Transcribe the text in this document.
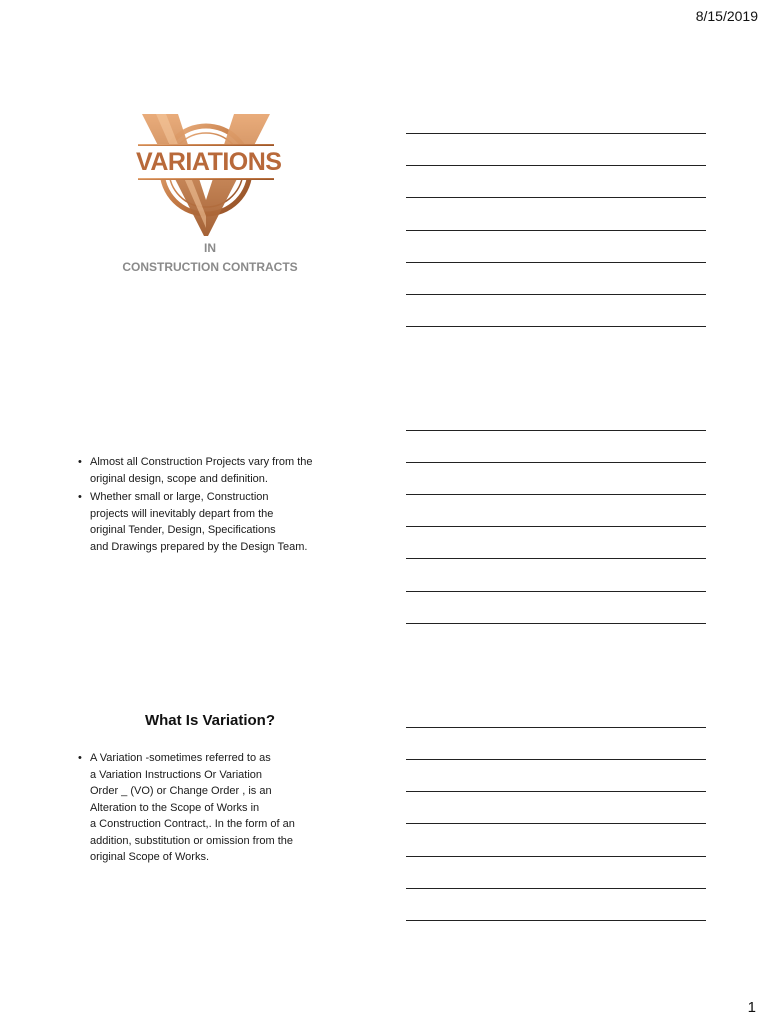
8/15/2019
VARIATIONS
IN
CONSTRUCTION CONTRACTS
• Almost all Construction Projects vary from the
original design, scope and definition.
• Whether small or large, Construction
projects will inevitably depart from the
original Tender, Design, Specifications
and Drawings prepared by the Design Team.
What Is Variation?
• A Variation -sometimes referred to as
a Variation Instructions Or Variation
Order _ (VO) or Change Order , is an
Alteration to the Scope of Works in
a Construction Contract,. In the form of an
addition, substitution or omission from the
original Scope of Works.
1
